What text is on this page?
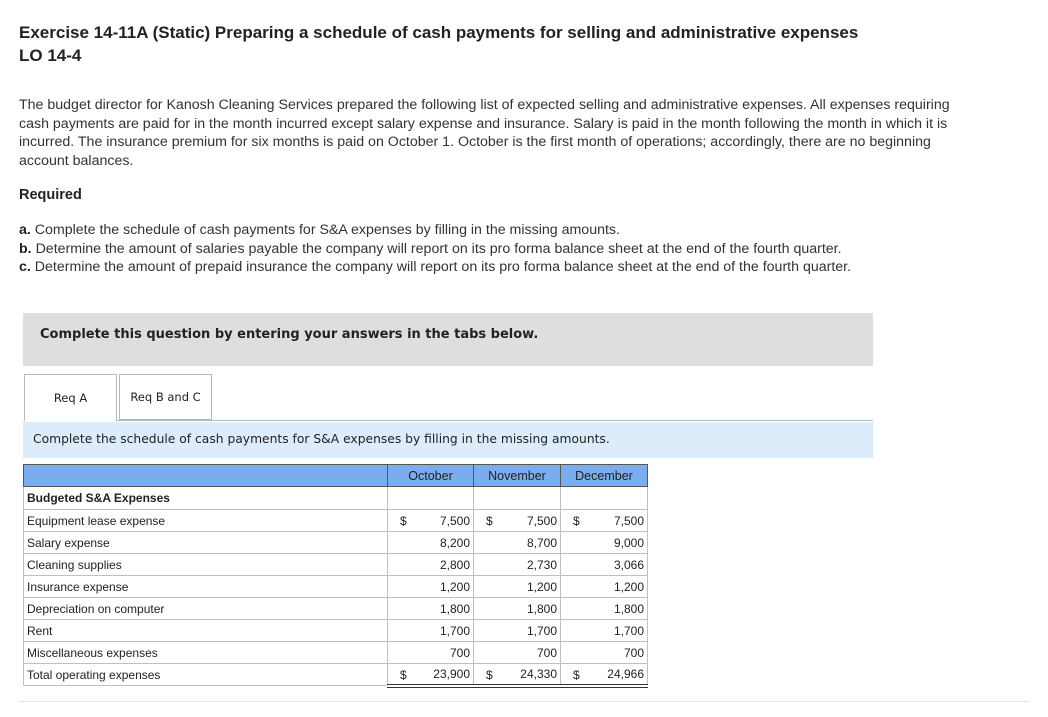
Exercise 14-11A (Static) Preparing a schedule of cash payments for selling and administrative expenses
LO 14-4
The budget director for Kanosh Cleaning Services prepared the following list of expected selling and administrative expenses. All expenses requiring cash payments are paid for in the month incurred except salary expense and insurance. Salary is paid in the month following the month in which it is incurred. The insurance premium for six months is paid on October 1. October is the first month of operations; accordingly, there are no beginning account balances.
Required
a. Complete the schedule of cash payments for S&A expenses by filling in the missing amounts.
b. Determine the amount of salaries payable the company will report on its pro forma balance sheet at the end of the fourth quarter.
c. Determine the amount of prepaid insurance the company will report on its pro forma balance sheet at the end of the fourth quarter.
Complete this question by entering your answers in the tabs below.
Req A	Req B and C
Complete the schedule of cash payments for S&A expenses by filling in the missing amounts.
	October	November	December
Budgeted S&A Expenses			
Equipment lease expense	$ 7,500	$ 7,500	$ 7,500
Salary expense	8,200	8,700	9,000
Cleaning supplies	2,800	2,730	3,066
Insurance expense	1,200	1,200	1,200
Depreciation on computer	1,800	1,800	1,800
Rent	1,700	1,700	1,700
Miscellaneous expenses	700	700	700
Total operating expenses	$ 23,900	$ 24,330	$ 24,966
